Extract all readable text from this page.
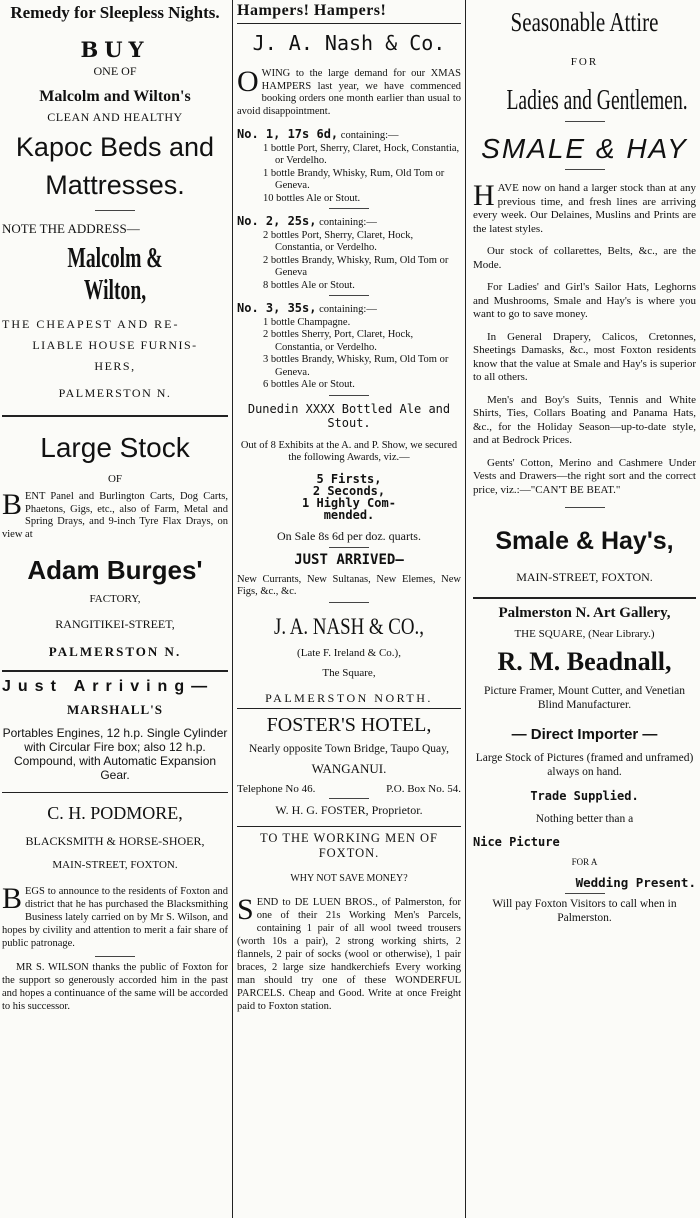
Remedy for Sleepless Nights.

BUY

ONE OF

Malcolm and Wilton's

CLEAN AND HEALTHY

Kapoc Beds and

Mattresses.

NOTE THE ADDRESS—

Malcolm & Wilton,

THE CHEAPEST AND RE-

LIABLE HOUSE FURNIS-

HERS,

PALMERSTON N.

Large Stock

OF

BENT Panel and Burlington Carts, Dog Carts, Phaetons, Gigs, etc., also of Farm, Metal and Spring Drays, and 9-inch Tyre Flax Drays, on view at

Adam Burges'

FACTORY,

RANGITIKEI-STREET,

PALMERSTON N.

Just Arriving—

MARSHALL'S

Portables Engines, 12 h.p. Single Cylinder with Circular Fire box; also 12 h.p. Compound, with Automatic Expansion Gear.

C. H. PODMORE,

BLACKSMITH & HORSE-SHOER,

MAIN-STREET, FOXTON.

BEGS to announce to the residents of Foxton and district that he has purchased the Blacksmithing Business lately carried on by Mr S. Wilson, and hopes by civility and attention to merit a fair share of public patronage.

MR S. WILSON thanks the public of Foxton for the support so generously accorded him in the past and hopes a continuance of the same will be accorded to his successor.

Hampers! Hampers!

J. A. Nash & Co.

OWING to the large demand for our XMAS HAMPERS last year, we have commenced booking orders one month earlier than usual to avoid disappointment.

No. 1, 17s 6d, containing:—

1 bottle Port, Sherry, Claret, Hock, Constantia, or Verdelho.
1 bottle Brandy, Whisky, Rum, Old Tom or Geneva.
10 bottles Ale or Stout.

No. 2, 25s, containing:—

2 bottles Port, Sherry, Claret, Hock, Constantia, or Verdelho.
2 bottles Brandy, Whisky, Rum, Old Tom or Geneva
8 bottles Ale or Stout.

No. 3, 35s, containing:—

1 bottle Champagne.
2 bottles Sherry, Port, Claret, Hock, Constantia, or Verdelho.
3 bottles Brandy, Whisky, Rum, Old Tom or Geneva.
6 bottles Ale or Stout.

Dunedin XXXX Bottled Ale and Stout.

Out of 8 Exhibits at the A. and P. Show, we secured the following Awards, viz.—

5 Firsts,

2 Seconds,

1 Highly Com-

mended.

On Sale 8s 6d per doz. quarts.

JUST ARRIVED—

New Currants, New Sultanas, New Elemes, New Figs, &c., &c.

J. A. NASH & CO.,

(Late F. Ireland & Co.),

The Square,

PALMERSTON NORTH.

FOSTER'S HOTEL,

Nearly opposite Town Bridge, Taupo Quay,

WANGANUI.

Telephone No 46.	P.O. Box No. 54.

W. H. G. FOSTER, Proprietor.

TO THE WORKING MEN OF FOXTON.

WHY NOT SAVE MONEY?

SEND to DE LUEN BROS., of Palmerston, for one of their 21s Working Men's Parcels, containing 1 pair of all wool tweed trousers (worth 10s a pair), 2 strong working shirts, 2 flannels, 2 pair of socks (wool or otherwise), 1 pair braces, 2 large size handkerchiefs Every working man should try one of these WONDERFUL PARCELS. Cheap and Good. Write at once Freight paid to Foxton station.

Seasonable Attire

FOR

Ladies and Gentlemen.

SMALE & HAY

HAVE now on hand a larger stock than at any previous time, and fresh lines are arriving every week. Our Delaines, Muslins and Prints are the latest styles.

Our stock of collarettes, Belts, &c., are the Mode.

For Ladies' and Girl's Sailor Hats, Leghorns and Mushrooms, Smale and Hay's is where you want to go to save money.

In General Drapery, Calicos, Cretonnes, Sheetings Damasks, &c., most Foxton residents know that the value at Smale and Hay's is superior to all others.

Men's and Boy's Suits, Tennis and White Shirts, Ties, Collars Boating and Panama Hats, &c., for the Holiday Season—up-to-date style, and at Bedrock Prices.

Gents' Cotton, Merino and Cashmere Under Vests and Drawers—the right sort and the correct price, viz.:—"CAN'T BE BEAT."

Smale & Hay's,

MAIN-STREET, FOXTON.

Palmerston N. Art Gallery,

THE SQUARE, (Near Library.)

R. M. Beadnall,

Picture Framer, Mount Cutter, and Venetian Blind Manufacturer.

— Direct Importer —

Large Stock of Pictures (framed and unframed) always on hand.

Trade Supplied.

Nothing better than a

Nice Picture

FOR A

Wedding Present.

Will pay Foxton Visitors to call when in Palmerston.
